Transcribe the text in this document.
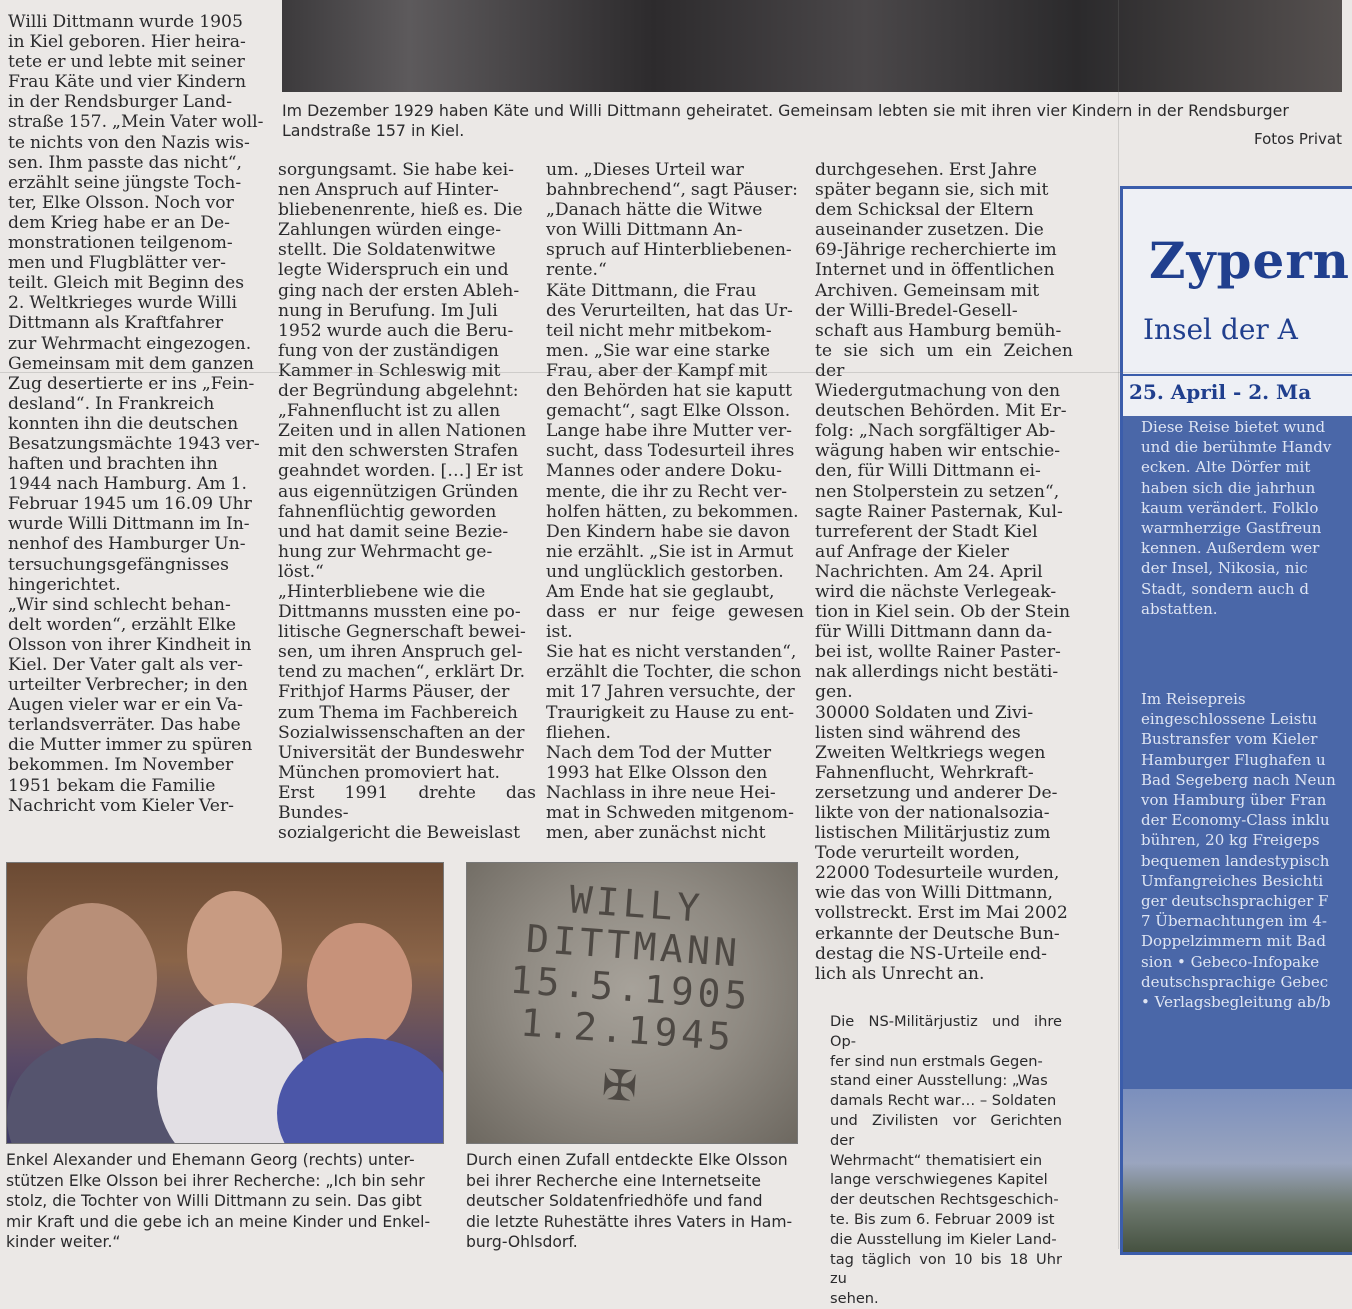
Im Dezember 1929 haben Käte und Willi Dittmann geheiratet. Gemeinsam lebten sie mit ihren vier Kindern in der Rendsburger
Landstraße 157 in Kiel.	Fotos Privat
Willi Dittmann wurde 1905
in Kiel geboren. Hier heira-
tete er und lebte mit seiner
Frau Käte und vier Kindern
in der Rendsburger Land-
straße 157. „Mein Vater woll-
te nichts von den Nazis wis-
sen. Ihm passte das nicht“,
erzählt seine jüngste Toch-
ter, Elke Olsson. Noch vor
dem Krieg habe er an De-
monstrationen teilgenom-
men und Flugblätter ver-
teilt. Gleich mit Beginn des
2. Weltkrieges wurde Willi
Dittmann als Kraftfahrer
zur Wehrmacht eingezogen.
Gemeinsam mit dem ganzen
Zug desertierte er ins „Fein-
desland“. In Frankreich
konnten ihn die deutschen
Besatzungsmächte 1943 ver-
haften und brachten ihn
1944 nach Hamburg. Am 1.
Februar 1945 um 16.09 Uhr
wurde Willi Dittmann im In-
nenhof des Hamburger Un-
tersuchungsgefängnisses
hingerichtet.
„Wir sind schlecht behan-
delt worden“, erzählt Elke
Olsson von ihrer Kindheit in
Kiel. Der Vater galt als ver-
urteilter Verbrecher; in den
Augen vieler war er ein Va-
terlandsverräter. Das habe
die Mutter immer zu spüren
bekommen. Im November
1951 bekam die Familie
Nachricht vom Kieler Ver-
sorgungsamt. Sie habe kei-
nen Anspruch auf Hinter-
bliebenenrente, hieß es. Die
Zahlungen würden einge-
stellt. Die Soldatenwitwe
legte Widerspruch ein und
ging nach der ersten Ableh-
nung in Berufung. Im Juli
1952 wurde auch die Beru-
fung von der zuständigen
Kammer in Schleswig mit
der Begründung abgelehnt:
„Fahnenflucht ist zu allen
Zeiten und in allen Nationen
mit den schwersten Strafen
geahndet worden. […] Er ist
aus eigennützigen Gründen
fahnenflüchtig geworden
und hat damit seine Bezie-
hung zur Wehrmacht ge-
löst.“
„Hinterbliebene wie die
Dittmanns mussten eine po-
litische Gegnerschaft bewei-
sen, um ihren Anspruch gel-
tend zu machen“, erklärt Dr.
Frithjof Harms Päuser, der
zum Thema im Fachbereich
Sozialwissenschaften an der
Universität der Bundeswehr
München promoviert hat.
Erst 1991 drehte das Bundes-
sozialgericht die Beweislast
um. „Dieses Urteil war
bahnbrechend“, sagt Päuser:
„Danach hätte die Witwe
von Willi Dittmann An-
spruch auf Hinterbliebenen-
rente.“
Käte Dittmann, die Frau
des Verurteilten, hat das Ur-
teil nicht mehr mitbekom-
men. „Sie war eine starke
Frau, aber der Kampf mit
den Behörden hat sie kaputt
gemacht“, sagt Elke Olsson.
Lange habe ihre Mutter ver-
sucht, dass Todesurteil ihres
Mannes oder andere Doku-
mente, die ihr zu Recht ver-
holfen hätten, zu bekommen.
Den Kindern habe sie davon
nie erzählt. „Sie ist in Armut
und unglücklich gestorben.
Am Ende hat sie geglaubt,
dass er nur feige gewesen ist.
Sie hat es nicht verstanden“,
erzählt die Tochter, die schon
mit 17 Jahren versuchte, der
Traurigkeit zu Hause zu ent-
fliehen.
Nach dem Tod der Mutter
1993 hat Elke Olsson den
Nachlass in ihre neue Hei-
mat in Schweden mitgenom-
men, aber zunächst nicht
durchgesehen. Erst Jahre
später begann sie, sich mit
dem Schicksal der Eltern
auseinander zusetzen. Die
69-Jährige recherchierte im
Internet und in öffentlichen
Archiven. Gemeinsam mit
der Willi-Bredel-Gesell-
schaft aus Hamburg bemüh-
te sie sich um ein Zeichen der
Wiedergutmachung von den
deutschen Behörden. Mit Er-
folg: „Nach sorgfältiger Ab-
wägung haben wir entschie-
den, für Willi Dittmann ei-
nen Stolperstein zu setzen“,
sagte Rainer Pasternak, Kul-
turreferent der Stadt Kiel
auf Anfrage der Kieler
Nachrichten. Am 24. April
wird die nächste Verlegeak-
tion in Kiel sein. Ob der Stein
für Willi Dittmann dann da-
bei ist, wollte Rainer Paster-
nak allerdings nicht bestäti-
gen.
30000 Soldaten und Zivi-
listen sind während des
Zweiten Weltkriegs wegen
Fahnenflucht, Wehrkraft-
zersetzung und anderer De-
likte von der nationalsozia-
listischen Militärjustiz zum
Tode verurteilt worden,
22000 Todesurteile wurden,
wie das von Willi Dittmann,
vollstreckt. Erst im Mai 2002
erkannte der Deutsche Bun-
destag die NS-Urteile end-
lich als Unrecht an.
WILLY
DITTMANN
15.5.1905
1.2.1945
✠
Enkel Alexander und Ehemann Georg (rechts) unter-
stützen Elke Olsson bei ihrer Recherche: „Ich bin sehr
stolz, die Tochter von Willi Dittmann zu sein. Das gibt
mir Kraft und die gebe ich an meine Kinder und Enkel-
kinder weiter.“
Durch einen Zufall entdeckte Elke Olsson
bei ihrer Recherche eine Internetseite
deutscher Soldatenfriedhöfe und fand
die letzte Ruhestätte ihres Vaters in Ham-
burg-Ohlsdorf.
Die NS-Militärjustiz und ihre Op-
fer sind nun erstmals Gegen-
stand einer Ausstellung: „Was
damals Recht war… – Soldaten
und Zivilisten vor Gerichten der
Wehrmacht“ thematisiert ein
lange verschwiegenes Kapitel
der deutschen Rechtsgeschich-
te. Bis zum 6. Februar 2009 ist
die Ausstellung im Kieler Land-
tag täglich von 10 bis 18 Uhr zu
sehen.
Zypern
Insel der A
25. April - 2. Ma
Diese Reise bietet wund
und die berühmte Handv
ecken. Alte Dörfer mit
haben sich die jahrhun
kaum verändert. Folklo
warmherzige Gastfreun
kennen. Außerdem wer
der Insel, Nikosia, nic
Stadt, sondern auch d
abstatten.
Im Reisepreis
eingeschlossene Leistu
Bustransfer vom Kieler
Hamburger Flughafen u
Bad Segeberg nach Neun
von Hamburg über Fran
der Economy-Class inklu
bühren, 20 kg Freigeps
bequemen landestypisch
Umfangreiches Besichti
ger deutschsprachiger F
7 Übernachtungen im 4-
Doppelzimmern mit Bad
sion • Gebeco-Infopake
deutschsprachige Gebec
• Verlagsbegleitung ab/b
